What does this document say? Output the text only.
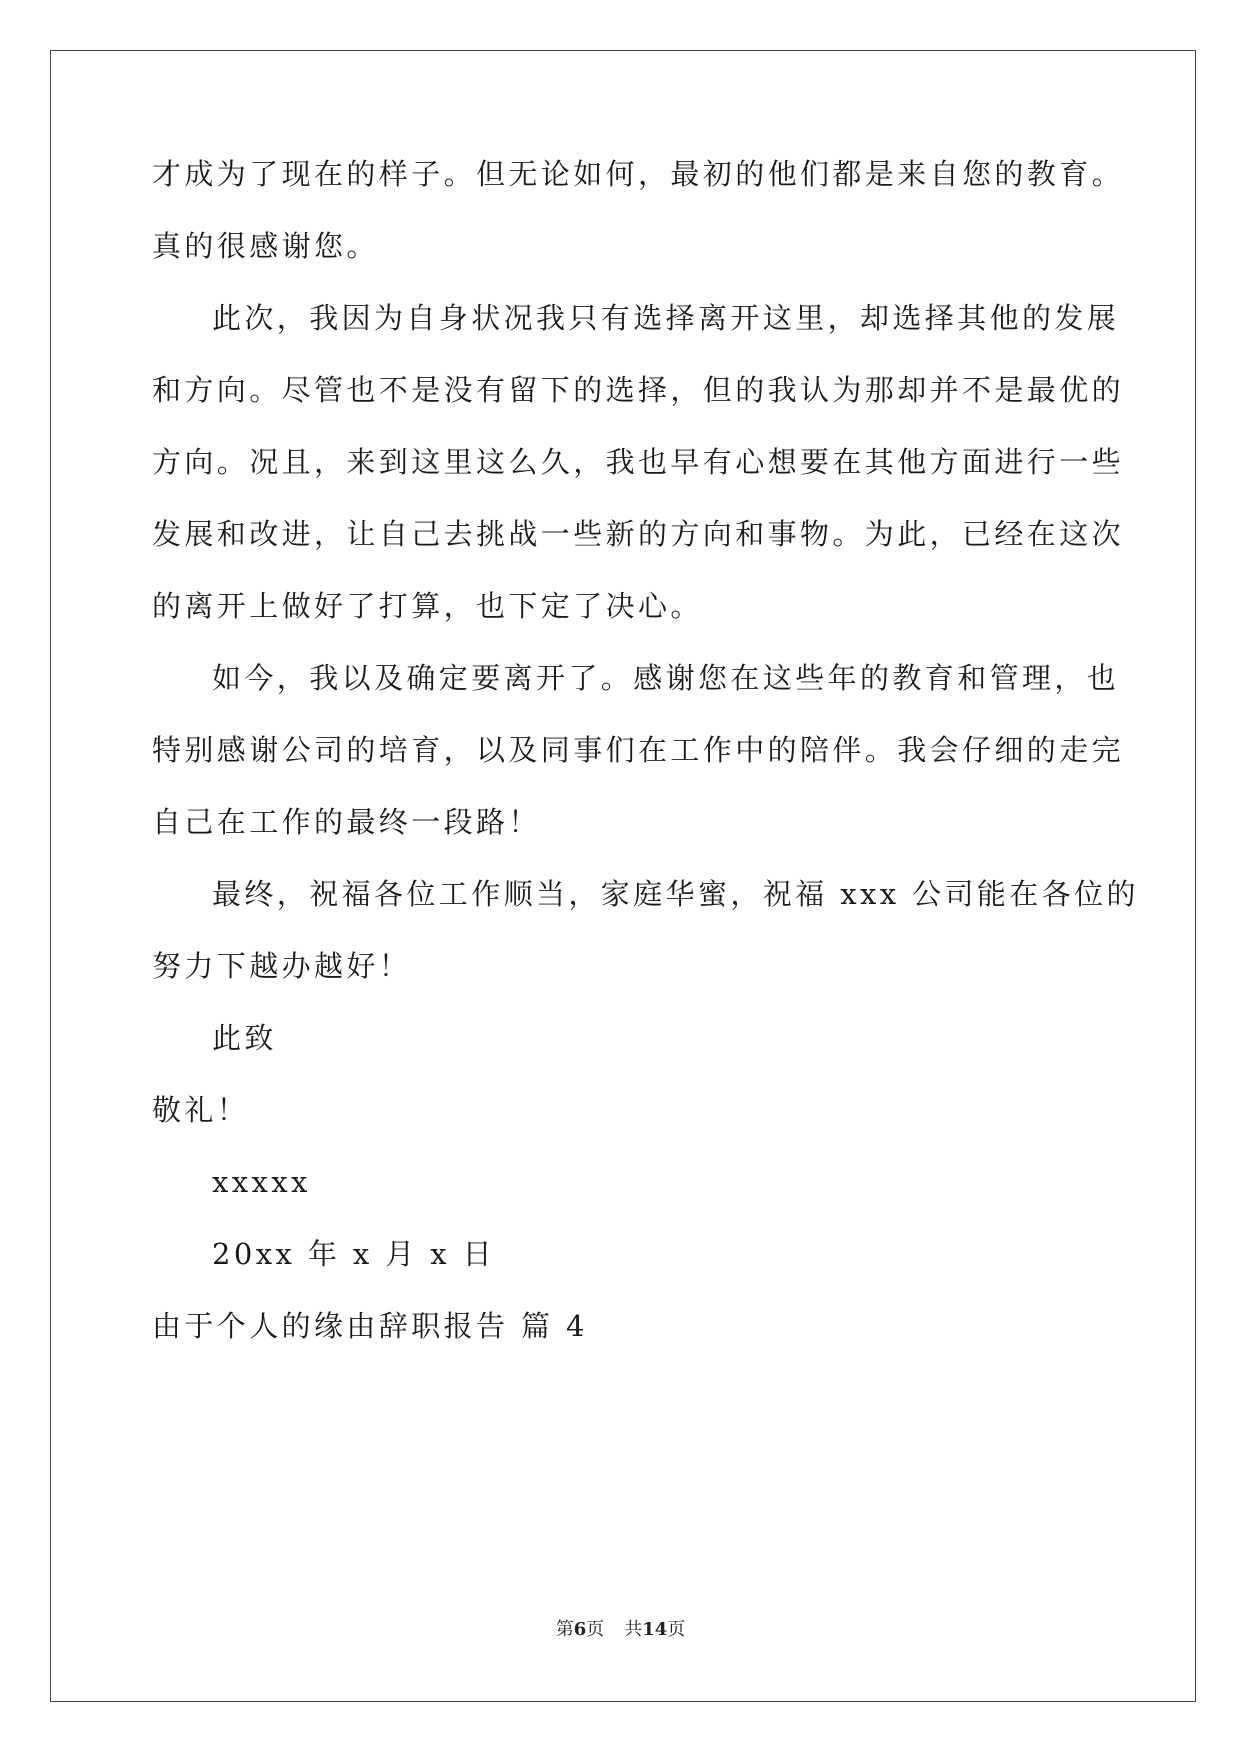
才成为了现在的样子。但无论如何，最初的他们都是来自您的教育。
真的很感谢您。
此次，我因为自身状况我只有选择离开这里，却选择其他的发展
和方向。尽管也不是没有留下的选择，但的我认为那却并不是最优的
方向。况且，来到这里这么久，我也早有心想要在其他方面进行一些
发展和改进，让自己去挑战一些新的方向和事物。为此，已经在这次
的离开上做好了打算，也下定了决心。
如今，我以及确定要离开了。感谢您在这些年的教育和管理，也
特别感谢公司的培育，以及同事们在工作中的陪伴。我会仔细的走完
自己在工作的最终一段路！
最终，祝福各位工作顺当，家庭华蜜，祝福 xxx 公司能在各位的
努力下越办越好！
此致
敬礼！
xxxxx
20xx 年 x 月 x 日
由于个人的缘由辞职报告 篇 4
第6页 共14页
